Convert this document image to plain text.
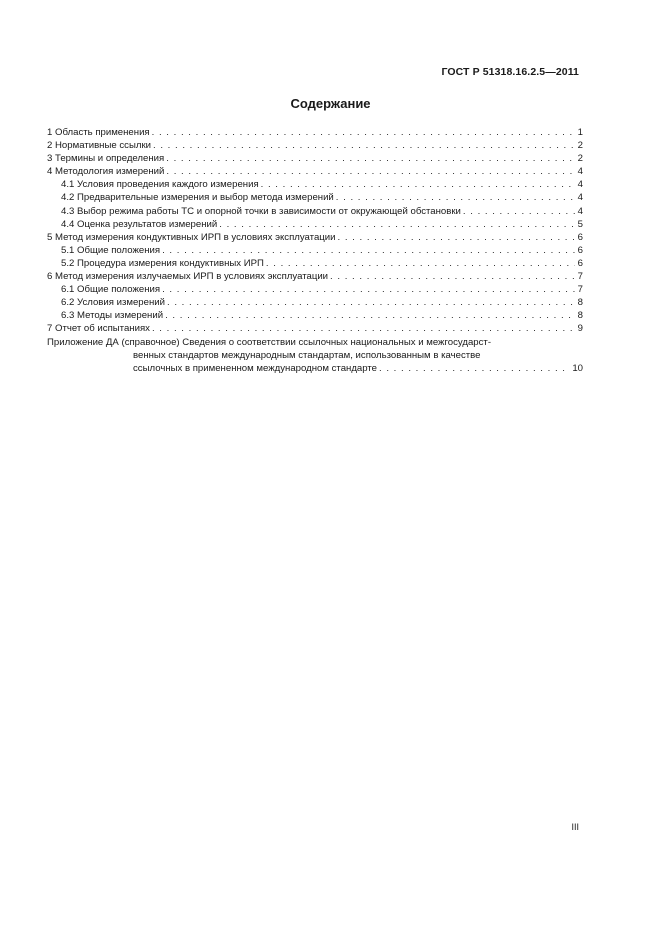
ГОСТ Р 51318.16.2.5—2011
Содержание
1 Область применения . . .	1
2 Нормативные ссылки . . .	2
3 Термины и определения . . .	2
4 Методология измерений . . .	4
4.1 Условия проведения каждого измерения . . .	4
4.2 Предварительные измерения и выбор метода измерений . . .	4
4.3 Выбор режима работы ТС и опорной точки в зависимости от окружающей обстановки . . .	4
4.4 Оценка результатов измерений . . .	5
5 Метод измерения кондуктивных ИРП в условиях эксплуатации . . .	6
5.1 Общие положения . . .	6
5.2 Процедура измерения кондуктивных ИРП . . .	6
6 Метод измерения излучаемых ИРП в условиях эксплуатации . . .	7
6.1 Общие положения . . .	7
6.2 Условия измерений . . .	8
6.3 Методы измерений . . .	8
7 Отчет об испытаниях . . .	9
Приложение ДА (справочное) Сведения о соответствии ссылочных национальных и межгосударст-
венных стандартов международным стандартам, использованным в качестве
ссылочных в примененном международном стандарте . . .	10
III
